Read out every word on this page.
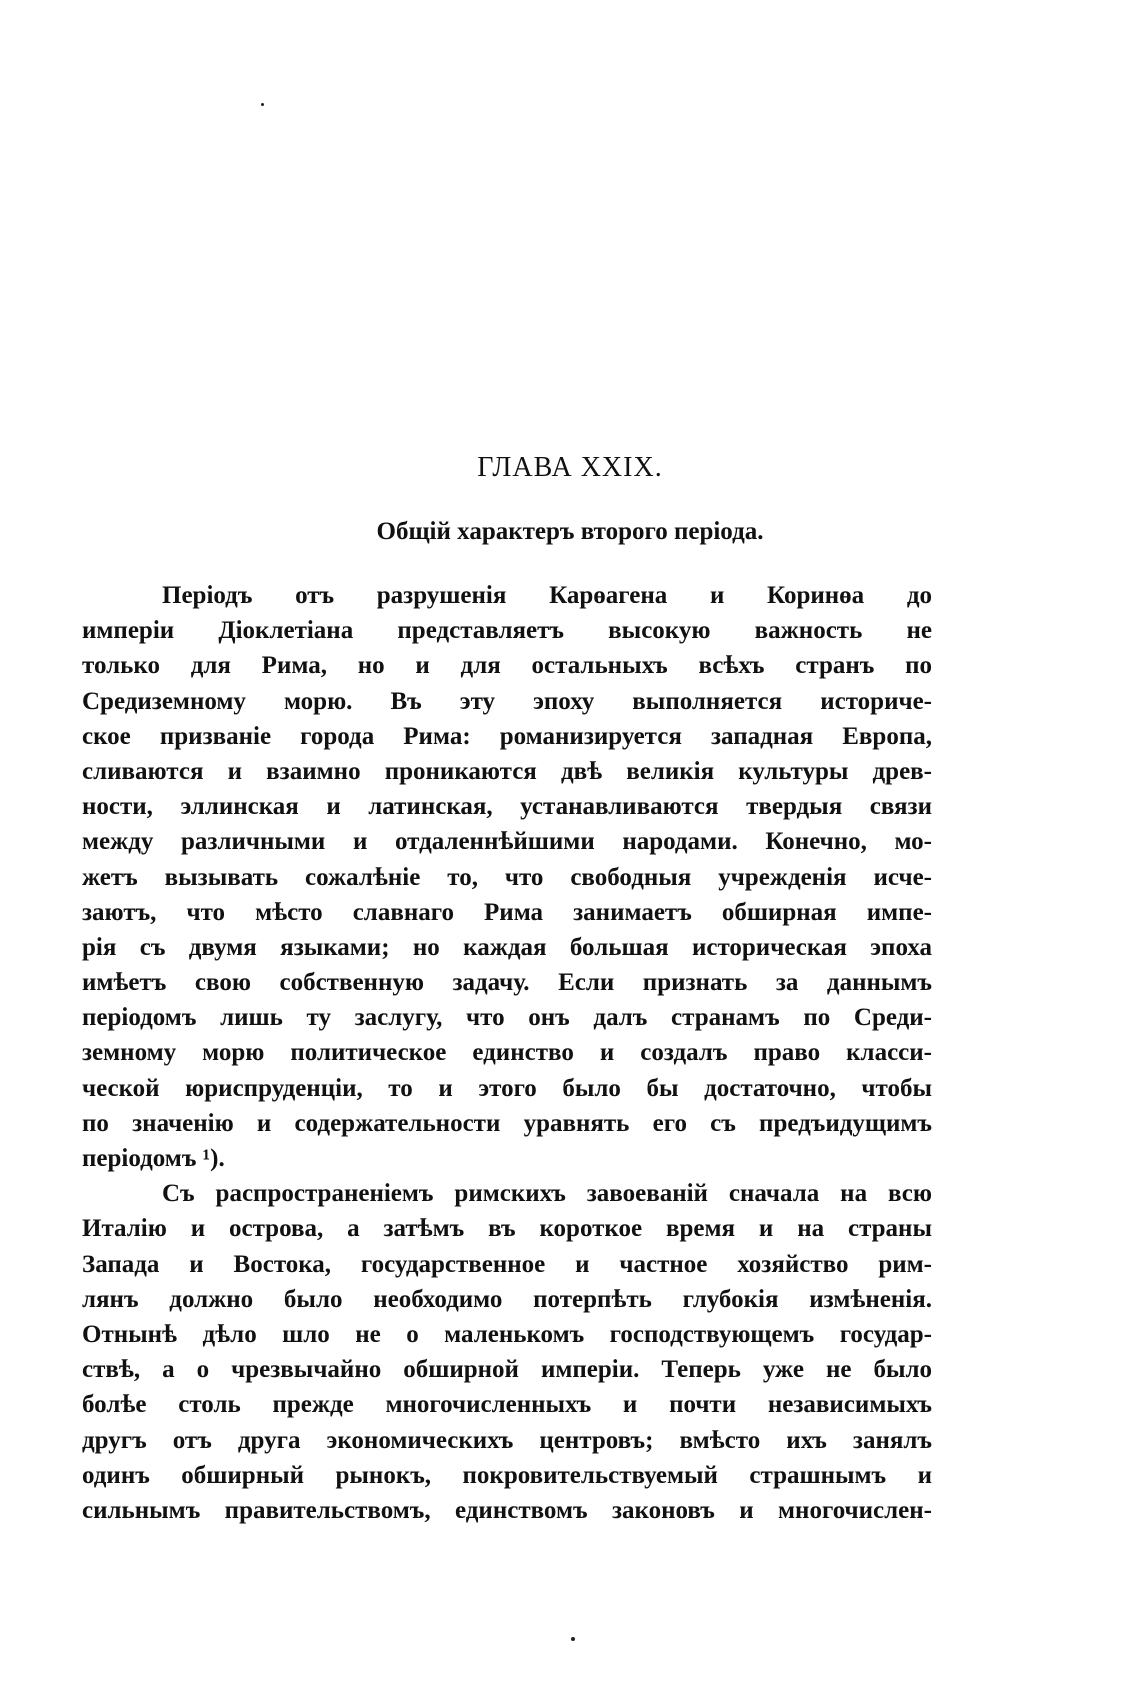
ГЛАВА XXIX.
Общій характеръ второго періода.
Періодъ отъ разрушенія Карөагена и Коринөа до
имперіи Діоклетіана представляетъ высокую важность не
только для Рима, но и для остальныхъ всѣхъ странъ по
Средиземному морю. Въ эту эпоху выполняется историче-
ское призваніе города Рима: романизируется западная Европа,
сливаются и взаимно проникаются двѣ великія культуры древ-
ности, эллинская и латинская, устанавливаются твердыя связи
между различными и отдаленнѣйшими народами. Конечно, мо-
жетъ вызывать сожалѣніе то, что свободныя учрежденія исче-
заютъ, что мѣсто славнаго Рима занимаетъ обширная импе-
рія съ двумя языками; но каждая большая историческая эпоха
имѣетъ свою собственную задачу. Если признать за даннымъ
періодомъ лишь ту заслугу, что онъ далъ странамъ по Среди-
земному морю политическое единство и создалъ право класси-
ческой юриспруденціи, то и этого было бы достаточно, чтобы
по значенію и содержательности уравнять его съ предъидущимъ
періодомъ ¹).
Съ распространеніемъ римскихъ завоеваній сначала на всю
Италію и острова, а затѣмъ въ короткое время и на страны
Запада и Востока, государственное и частное хозяйство рим-
лянъ должно было необходимо потерпѣть глубокія измѣненія.
Отнынѣ дѣло шло не о маленькомъ господствующемъ государ-
ствѣ, а о чрезвычайно обширной имперіи. Теперь уже не было
болѣе столь прежде многочисленныхъ и почти независимыхъ
другъ отъ друга экономическихъ центровъ; вмѣсто ихъ занялъ
одинъ обширный рынокъ, покровительствуемый страшнымъ и
сильнымъ правительствомъ, единствомъ законовъ и многочислен-
